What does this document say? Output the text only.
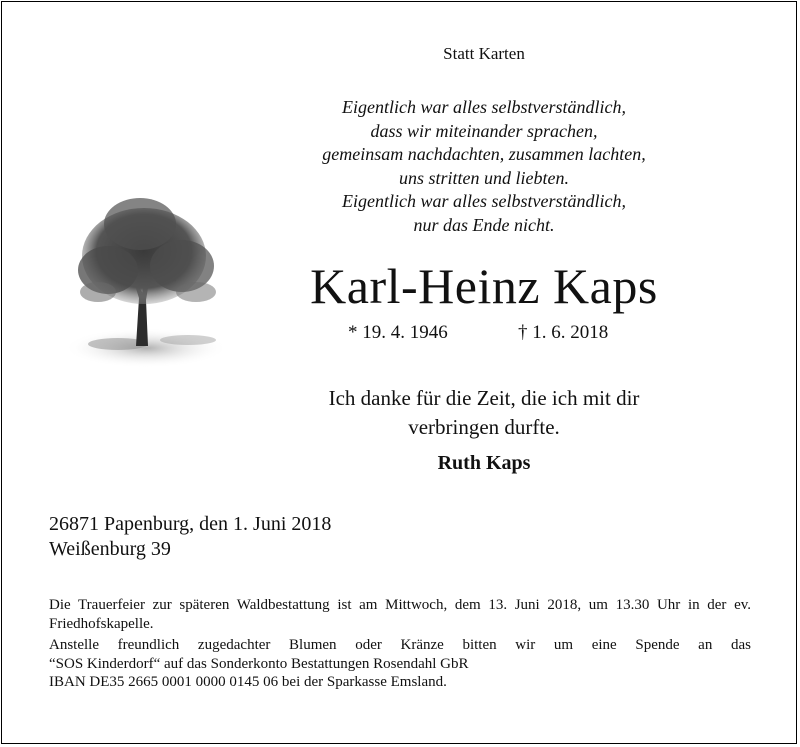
Statt Karten
Eigentlich war alles selbstverständlich,
dass wir miteinander sprachen,
gemeinsam nachdachten, zusammen lachten,
uns stritten und liebten.
Eigentlich war alles selbstverständlich,
nur das Ende nicht.
Karl-Heinz Kaps
* 19. 4. 1946	† 1. 6. 2018
Ich danke für die Zeit, die ich mit dir
verbringen durfte.
Ruth Kaps
26871 Papenburg, den 1. Juni 2018
Weißenburg 39

Die Trauerfeier zur späteren Waldbestattung ist am Mittwoch, dem 13. Juni 2018, um 13.30 Uhr in der ev. Friedhofskapelle.

Anstelle freundlich zugedachter Blumen oder Kränze bitten wir um eine Spende an das
“SOS Kinderdorf“ auf das Sonderkonto Bestattungen Rosendahl GbR
IBAN DE35 2665 0001 0000 0145 06 bei der Sparkasse Emsland.
